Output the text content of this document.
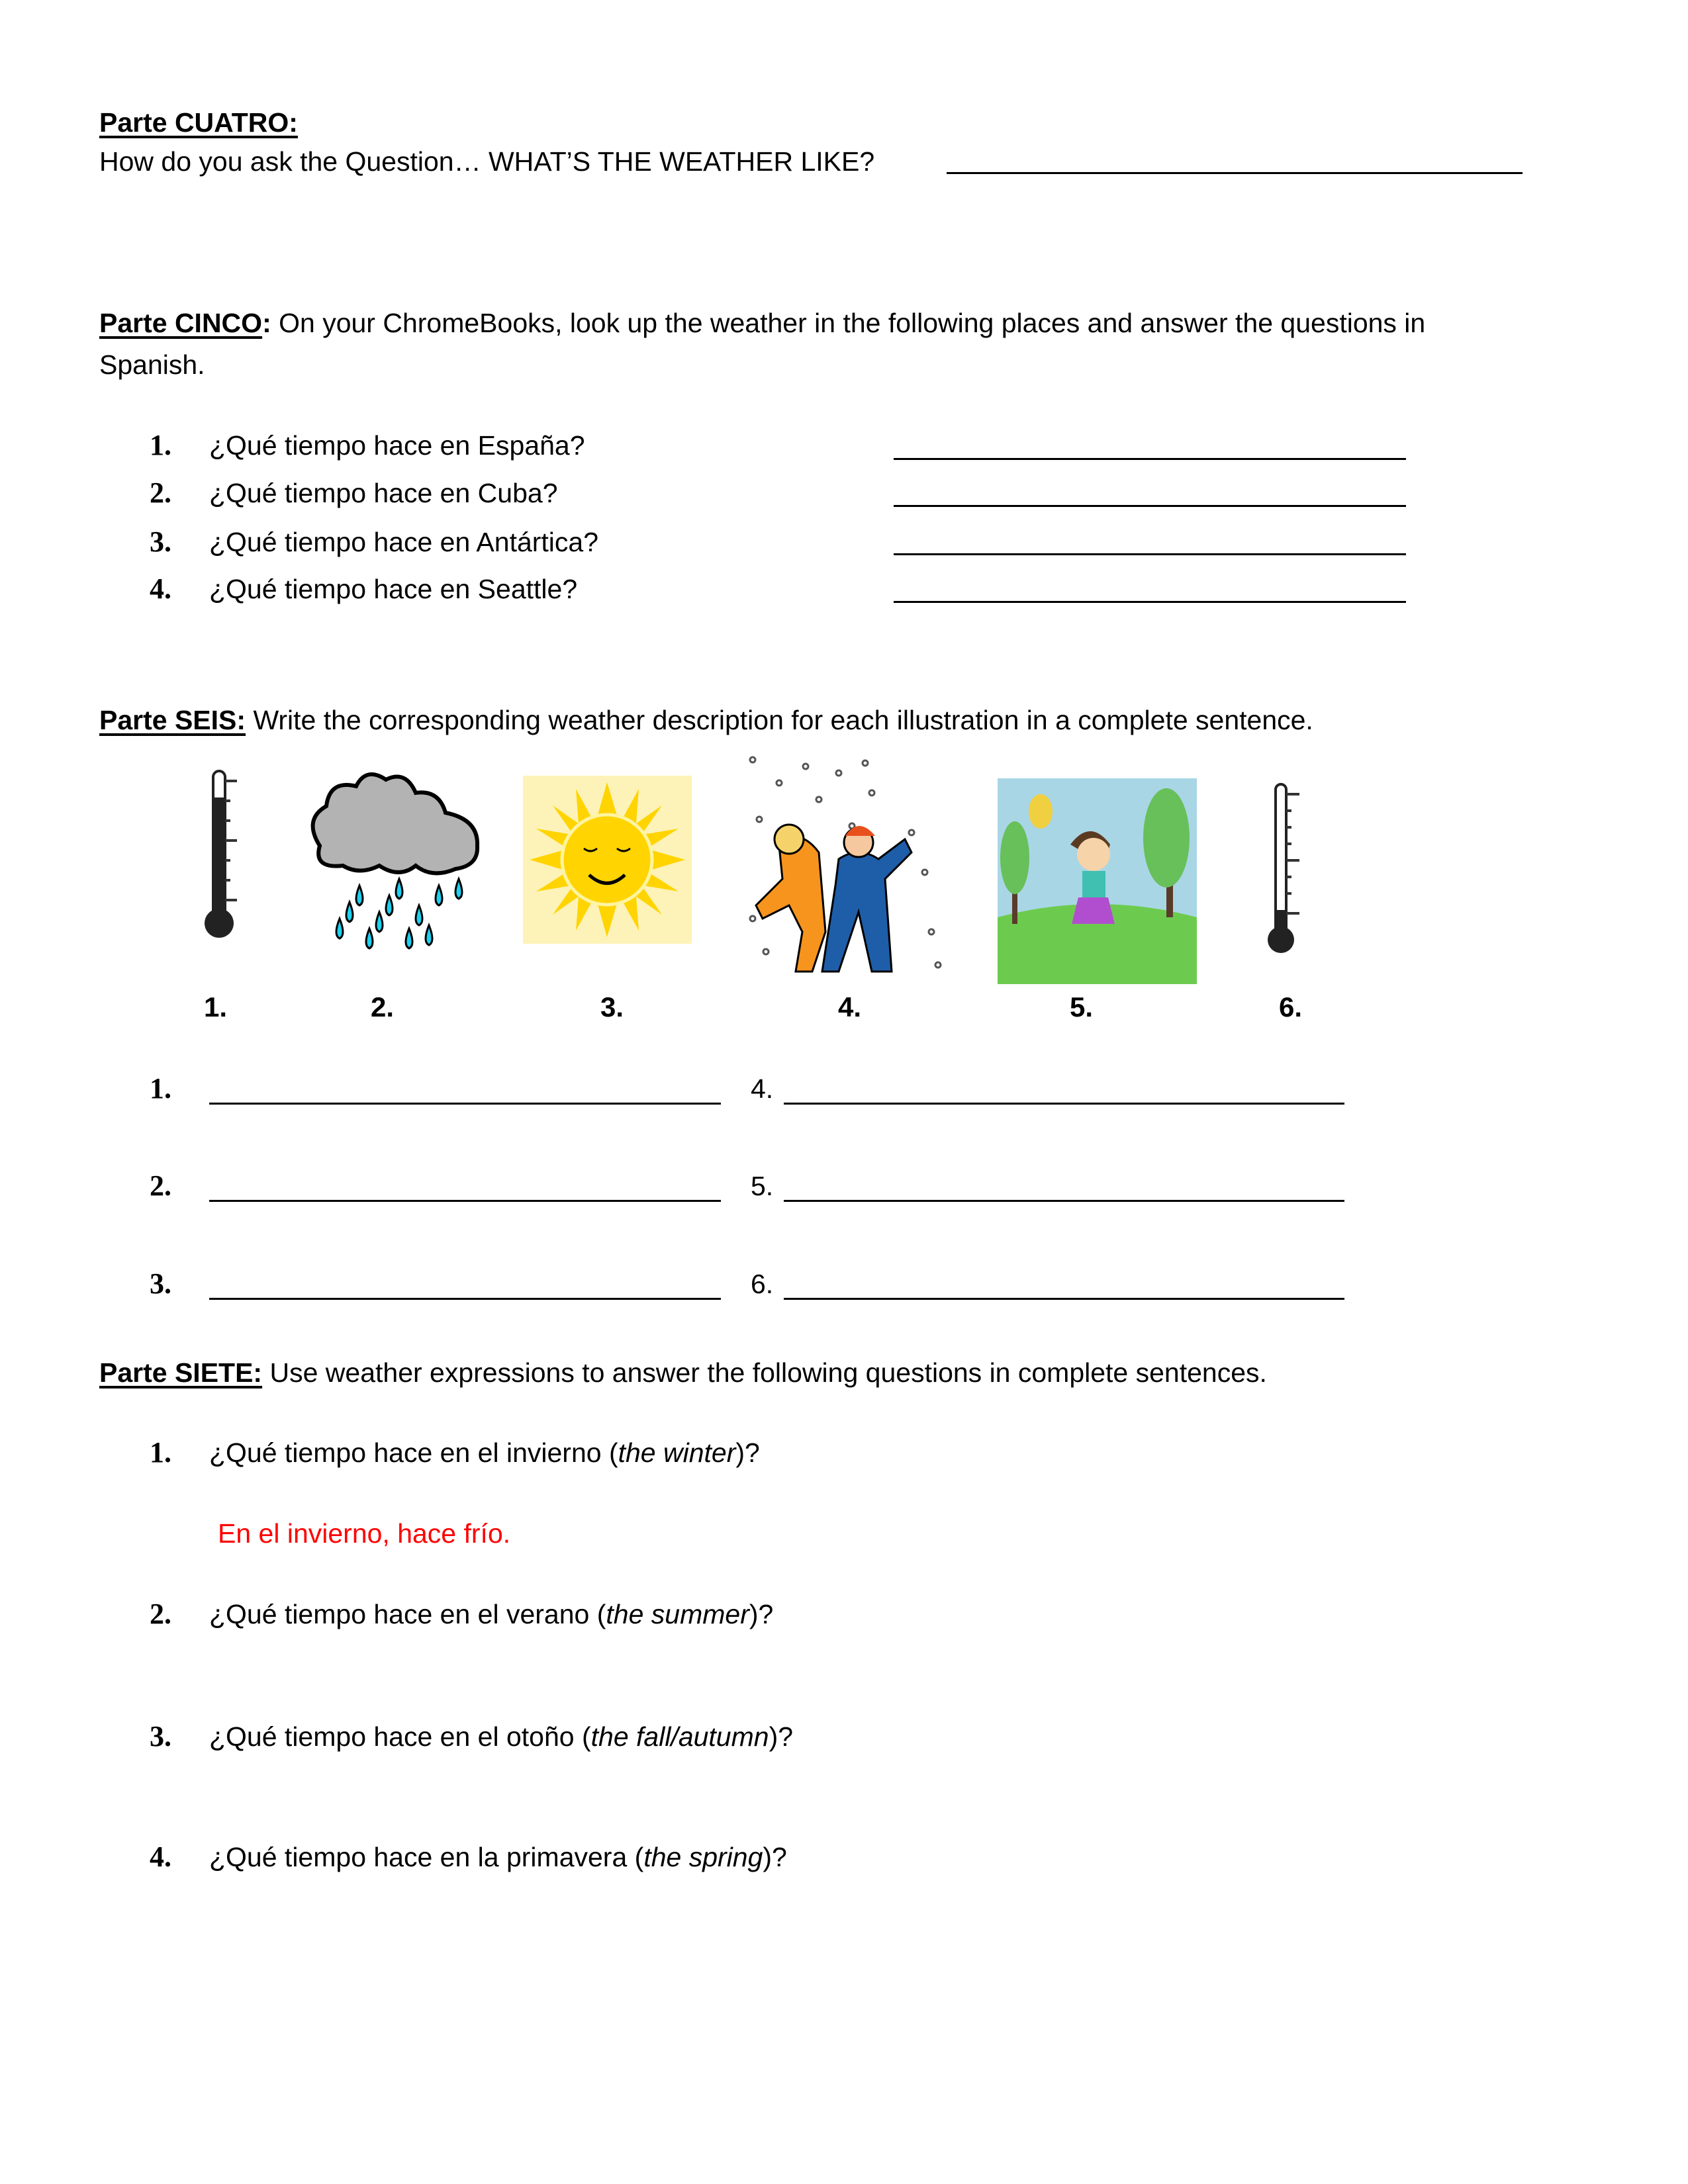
Parte CUATRO:
How do you ask the Question… WHAT’S THE WEATHER LIKE?
Parte CINCO: On your ChromeBooks, look up the weather in the following places and answer the questions in
Spanish.
1. ¿Qué tiempo hace en España?
2. ¿Qué tiempo hace en Cuba?
3. ¿Qué tiempo hace en Antártica?
4. ¿Qué tiempo hace en Seattle?
Parte SEIS: Write the corresponding weather description for each illustration in a complete sentence.
1.	2.	3.	4.	5.	6.
1.	4.
2.	5.
3.	6.
Parte SIETE: Use weather expressions to answer the following questions in complete sentences.
1. ¿Qué tiempo hace en el invierno (the winter)?
En el invierno, hace frío.
2. ¿Qué tiempo hace en el verano (the summer)?
3. ¿Qué tiempo hace en el otoño (the fall/autumn)?
4. ¿Qué tiempo hace en la primavera (the spring)?
